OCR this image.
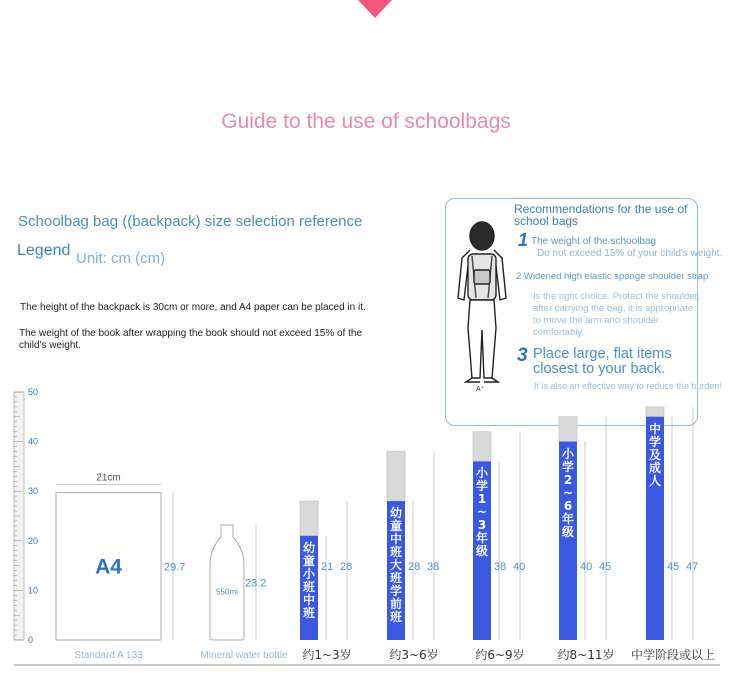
Guide to the use of schoolbags
Schoolbag bag ((backpack) size selection reference
Legend Unit: cm (cm)
The height of the backpack is 30cm or more, and A4 paper can be placed in it.
The weight of the book after wrapping the book should not exceed 15% of the child's weight.
Recommendations for the use of school bags
A⁺
1 The weight of the schoolbag
Do not exceed 15% of your child's weight.
2 Widened high elastic sponge shoulder strap
Is the right choice. Protect the shoulder, after carrying the bag, it is appropriate to move the arm and shoulder comfortably.
3 Place large, flat items closest to your back.
It is also an effective way to reduce the burden!
0
10
20
30
40
50
21cm
29.7
A4
Standard A 133
550ml
23.2
Mineral water bottle
21 28
约1~3岁
28 38
约3~6岁
38 40
约6~9岁
40 45
约8~11岁
45 47
中学阶段或以上
幼
童
小
班
中
班
幼
童
中
班
大
班
学
前
班
小
学
1
~
3
年
级
小
学
2
~
6
年
级
中
学
及
成
人
